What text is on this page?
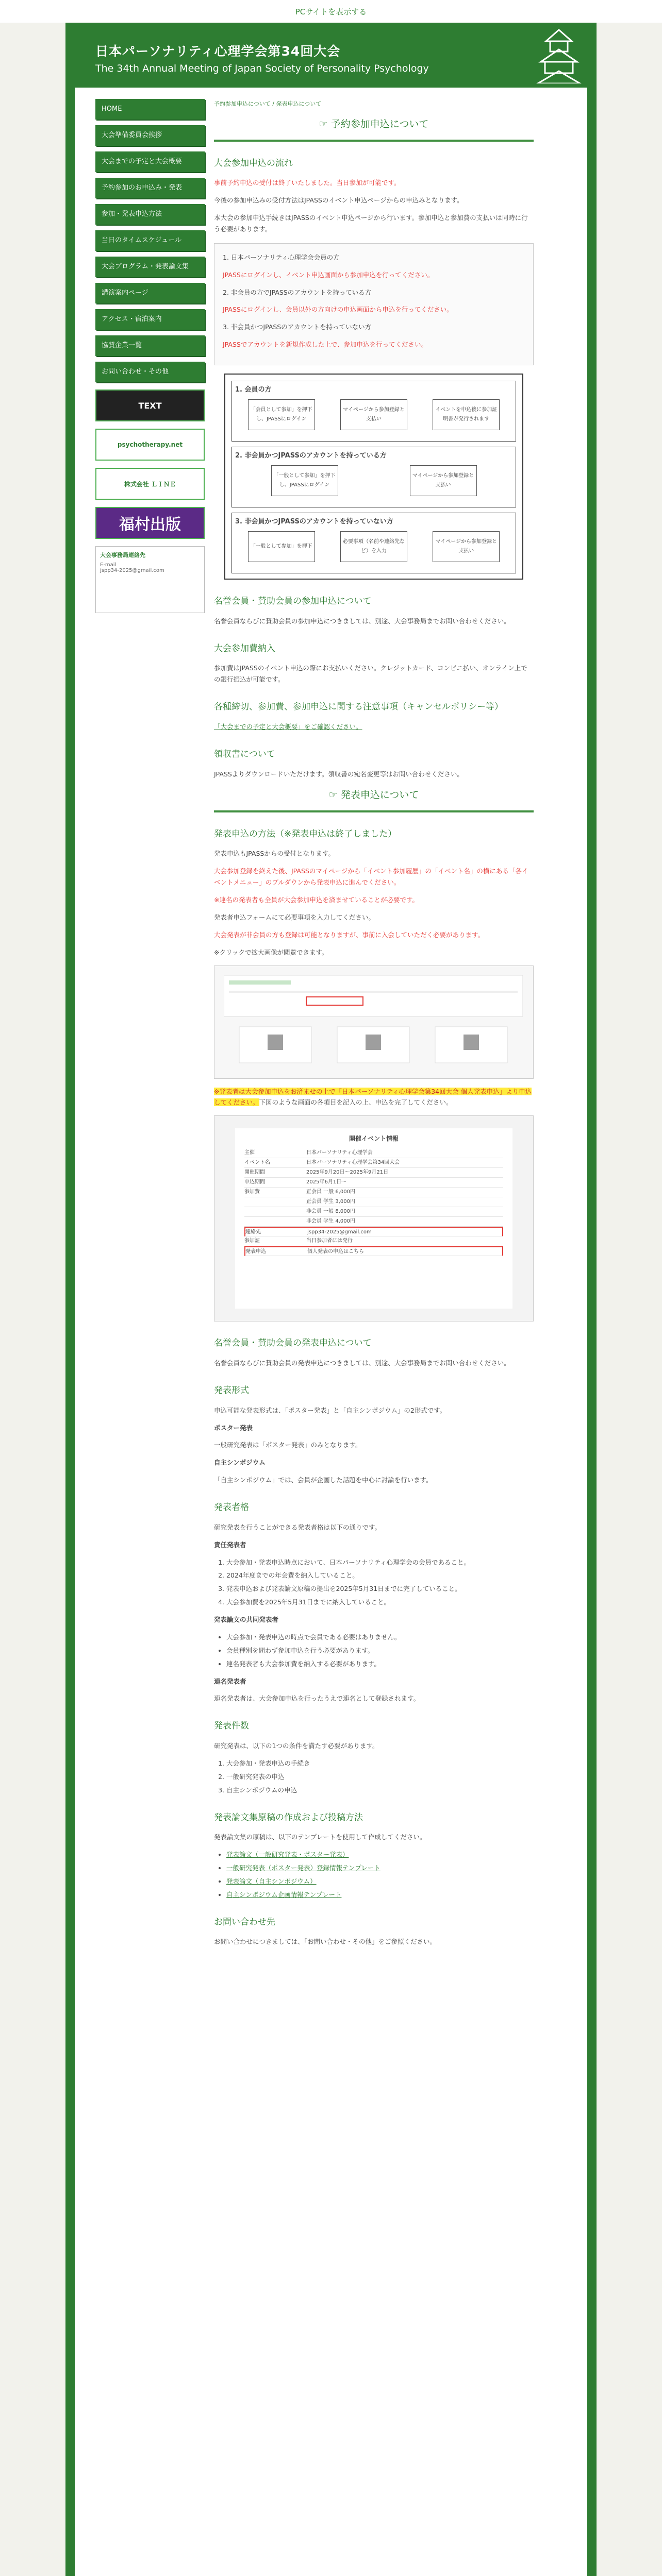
PCサイトを表示する
日本パーソナリティ心理学会第34回大会
The 34th Annual Meeting of Japan Society of Personality Psychology
HOME
大会準備委員会挨拶
大会までの予定と大会概要
予約参加のお申込み・発表
参加・発表申込方法
当日のタイムスケジュール
大会プログラム・発表論文集
講演案内ページ
アクセス・宿泊案内
協賛企業一覧
お問い合わせ・その他
TEXT
psychotherapy.net
株式会社 ＬＩＮＥ
福村出版
大会事務局連絡先
E-mail
jspp34-2025@gmail.com
予約参加申込について / 発表申込について
☞ 予約参加申込について
大会参加申込の流れ

事前予約申込の受付は終了いたしました。当日参加が可能です。

今後の参加申込みの受付方法はJPASSのイベント申込ページからの申込みとなります。

本大会の参加申込手続きはJPASSのイベント申込ページから行います。参加申込と参加費の支払いは同時に行う必要があります。

1. 日本パーソナリティ心理学会会員の方

JPASSにログインし、イベント申込画面から参加申込を行ってください。

2. 非会員の方でJPASSのアカウントを持っている方

JPASSにログインし、会員以外の方向けの申込画面から申込を行ってください。

3. 非会員かつJPASSのアカウントを持っていない方

JPASSでアカウントを新規作成した上で、参加申込を行ってください。

1. 会員の方
「会員として参加」を押下し、JPASSにログイン
マイページから参加登録と支払い
イベントを申込後に参加証明書が発行されます
2. 非会員かつJPASSのアカウントを持っている方
「一般として参加」を押下し、JPASSにログイン
マイページから参加登録と支払い
3. 非会員かつJPASSのアカウントを持っていない方
「一般として参加」を押下
必要事項（名前や連絡先など）を入力
マイページから参加登録と支払い
名誉会員・賛助会員の参加申込について

名誉会員ならびに賛助会員の参加申込につきましては、別途、大会事務局までお問い合わせください。

大会参加費納入

参加費はJPASSのイベント申込の際にお支払いください。クレジットカード、コンビニ払い、オンライン上での銀行振込が可能です。

各種締切、参加費、参加申込に関する注意事項（キャンセルポリシー等）

「大会までの予定と大会概要」をご確認ください。

領収書について

JPASSよりダウンロードいただけます。領収書の宛名変更等はお問い合わせください。

☞ 発表申込について
発表申込の方法（※発表申込は終了しました）

発表申込もJPASSからの受付となります。

大会参加登録を終えた後、JPASSのマイページから「イベント参加履歴」の「イベント名」の横にある「各イベントメニュー」のプルダウンから発表申込に進んでください。

※連名の発表者も全員が大会参加申込を済ませていることが必要です。

発表者申込フォームにて必要事項を入力してください。

大会発表が非会員の方も登録は可能となりますが、事前に入会していただく必要があります。

※クリックで拡大画像が閲覧できます。

※発表者は大会参加申込をお済ませの上で「日本パーソナリティ心理学会第34回大会 個人発表申込」より申込してください。下図のような画面の各項目を記入の上、申込を完了してください。

開催イベント情報
主催	日本パーソナリティ心理学会
イベント名	日本パーソナリティ心理学会第34回大会
開催期間	2025年9月20日〜2025年9月21日
申込期間	2025年6月1日〜
参加費	正会員 一般 6,000円
正会員 学生 3,000円
非会員 一般 8,000円
非会員 学生 4,000円
連絡先	jspp34-2025@gmail.com
参加証	当日参加者には発行
発表申込	個人発表の申込はこちら
名誉会員・賛助会員の発表申込について

名誉会員ならびに賛助会員の発表申込につきましては、別途、大会事務局までお問い合わせください。

発表形式

申込可能な発表形式は、「ポスター発表」と「自主シンポジウム」の2形式です。

ポスター発表

一般研究発表は「ポスター発表」のみとなります。

自主シンポジウム

「自主シンポジウム」では、会員が企画した話題を中心に討論を行います。

発表者格

研究発表を行うことができる発表者格は以下の通りです。

責任発表者

1. 大会参加・発表申込時点において、日本パーソナリティ心理学会の会員であること。
2. 2024年度までの年会費を納入していること。
3. 発表申込および発表論文原稿の提出を2025年5月31日までに完了していること。
4. 大会参加費を2025年5月31日までに納入していること。

発表論文の共同発表者

• 大会参加・発表申込の時点で会員である必要はありません。
• 会員種別を問わず参加申込を行う必要があります。
• 連名発表者も大会参加費を納入する必要があります。

連名発表者

連名発表者は、大会参加申込を行ったうえで連名として登録されます。

発表件数

研究発表は、以下の1つの条件を満たす必要があります。

1. 大会参加・発表申込の手続き
2. 一般研究発表の申込
3. 自主シンポジウムの申込
発表論文集原稿の作成および投稿方法

発表論文集の原稿は、以下のテンプレートを使用して作成してください。

• 発表論文（一般研究発表・ポスター発表）
• 一般研究発表（ポスター発表）登録情報テンプレート
• 発表論文（自主シンポジウム）
• 自主シンポジウム企画情報テンプレート
お問い合わせ先

お問い合わせにつきましては、「お問い合わせ・その他」をご参照ください。
